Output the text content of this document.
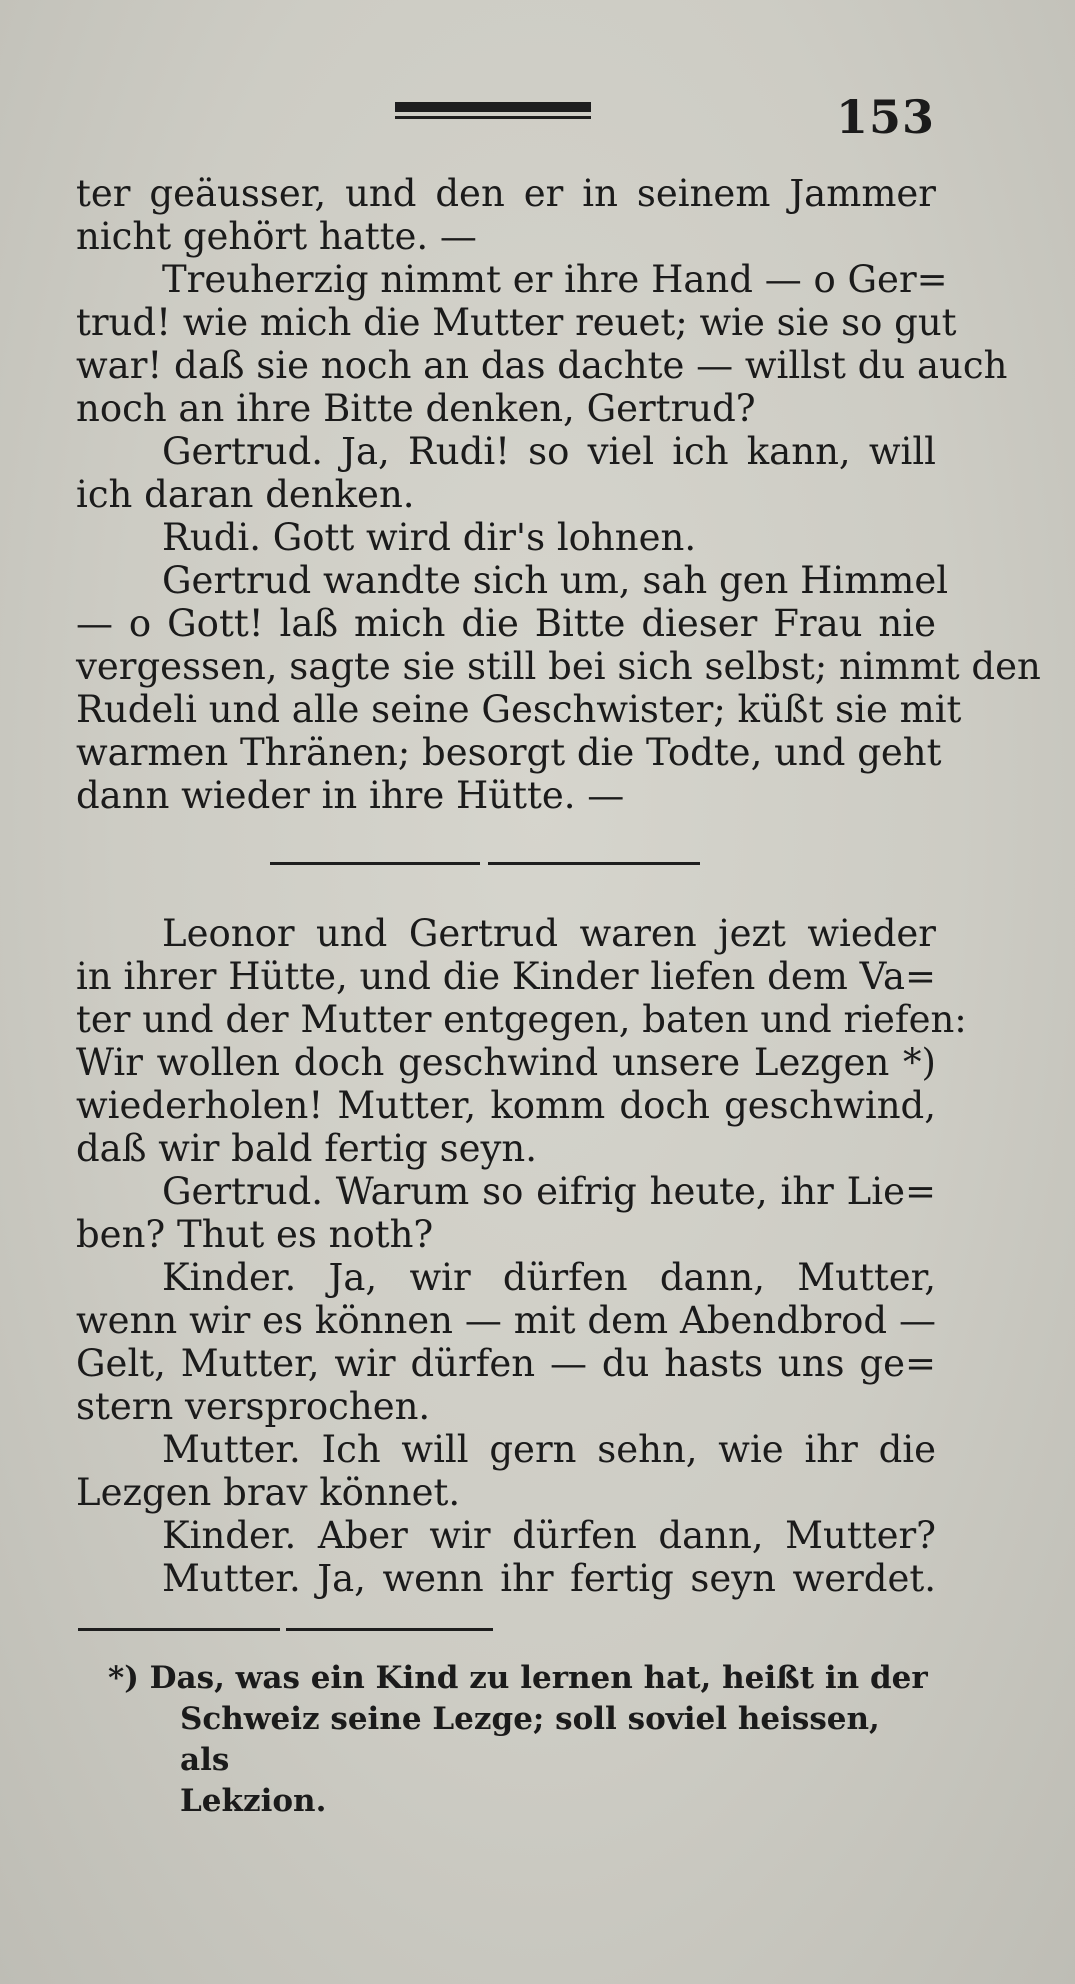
153
ter geäusser, und den er in seinem Jammer
nicht gehört hatte. —
Treuherzig nimmt er ihre Hand — o Ger=
trud! wie mich die Mutter reuet; wie sie so gut
war! daß sie noch an das dachte — willst du auch
noch an ihre Bitte denken, Gertrud?
Gertrud. Ja, Rudi! so viel ich kann, will
ich daran denken.
Rudi. Gott wird dir's lohnen.
Gertrud wandte sich um, sah gen Himmel
— o Gott! laß mich die Bitte dieser Frau nie
vergessen, sagte sie still bei sich selbst; nimmt den
Rudeli und alle seine Geschwister; küßt sie mit
warmen Thränen; besorgt die Todte, und geht
dann wieder in ihre Hütte. —
Leonor und Gertrud waren jezt wieder
in ihrer Hütte, und die Kinder liefen dem Va=
ter und der Mutter entgegen, baten und riefen:
Wir wollen doch geschwind unsere Lezgen *)
wiederholen! Mutter, komm doch geschwind,
daß wir bald fertig seyn.
Gertrud. Warum so eifrig heute, ihr Lie=
ben? Thut es noth?
Kinder. Ja, wir dürfen dann, Mutter,
wenn wir es können — mit dem Abendbrod —
Gelt, Mutter, wir dürfen — du hasts uns ge=
stern versprochen.
Mutter. Ich will gern sehn, wie ihr die
Lezgen brav könnet.
Kinder. Aber wir dürfen dann, Mutter?
Mutter. Ja, wenn ihr fertig seyn werdet.
*) Das, was ein Kind zu lernen hat, heißt in der
Schweiz seine Lezge; soll soviel heissen, als
Lekzion.
